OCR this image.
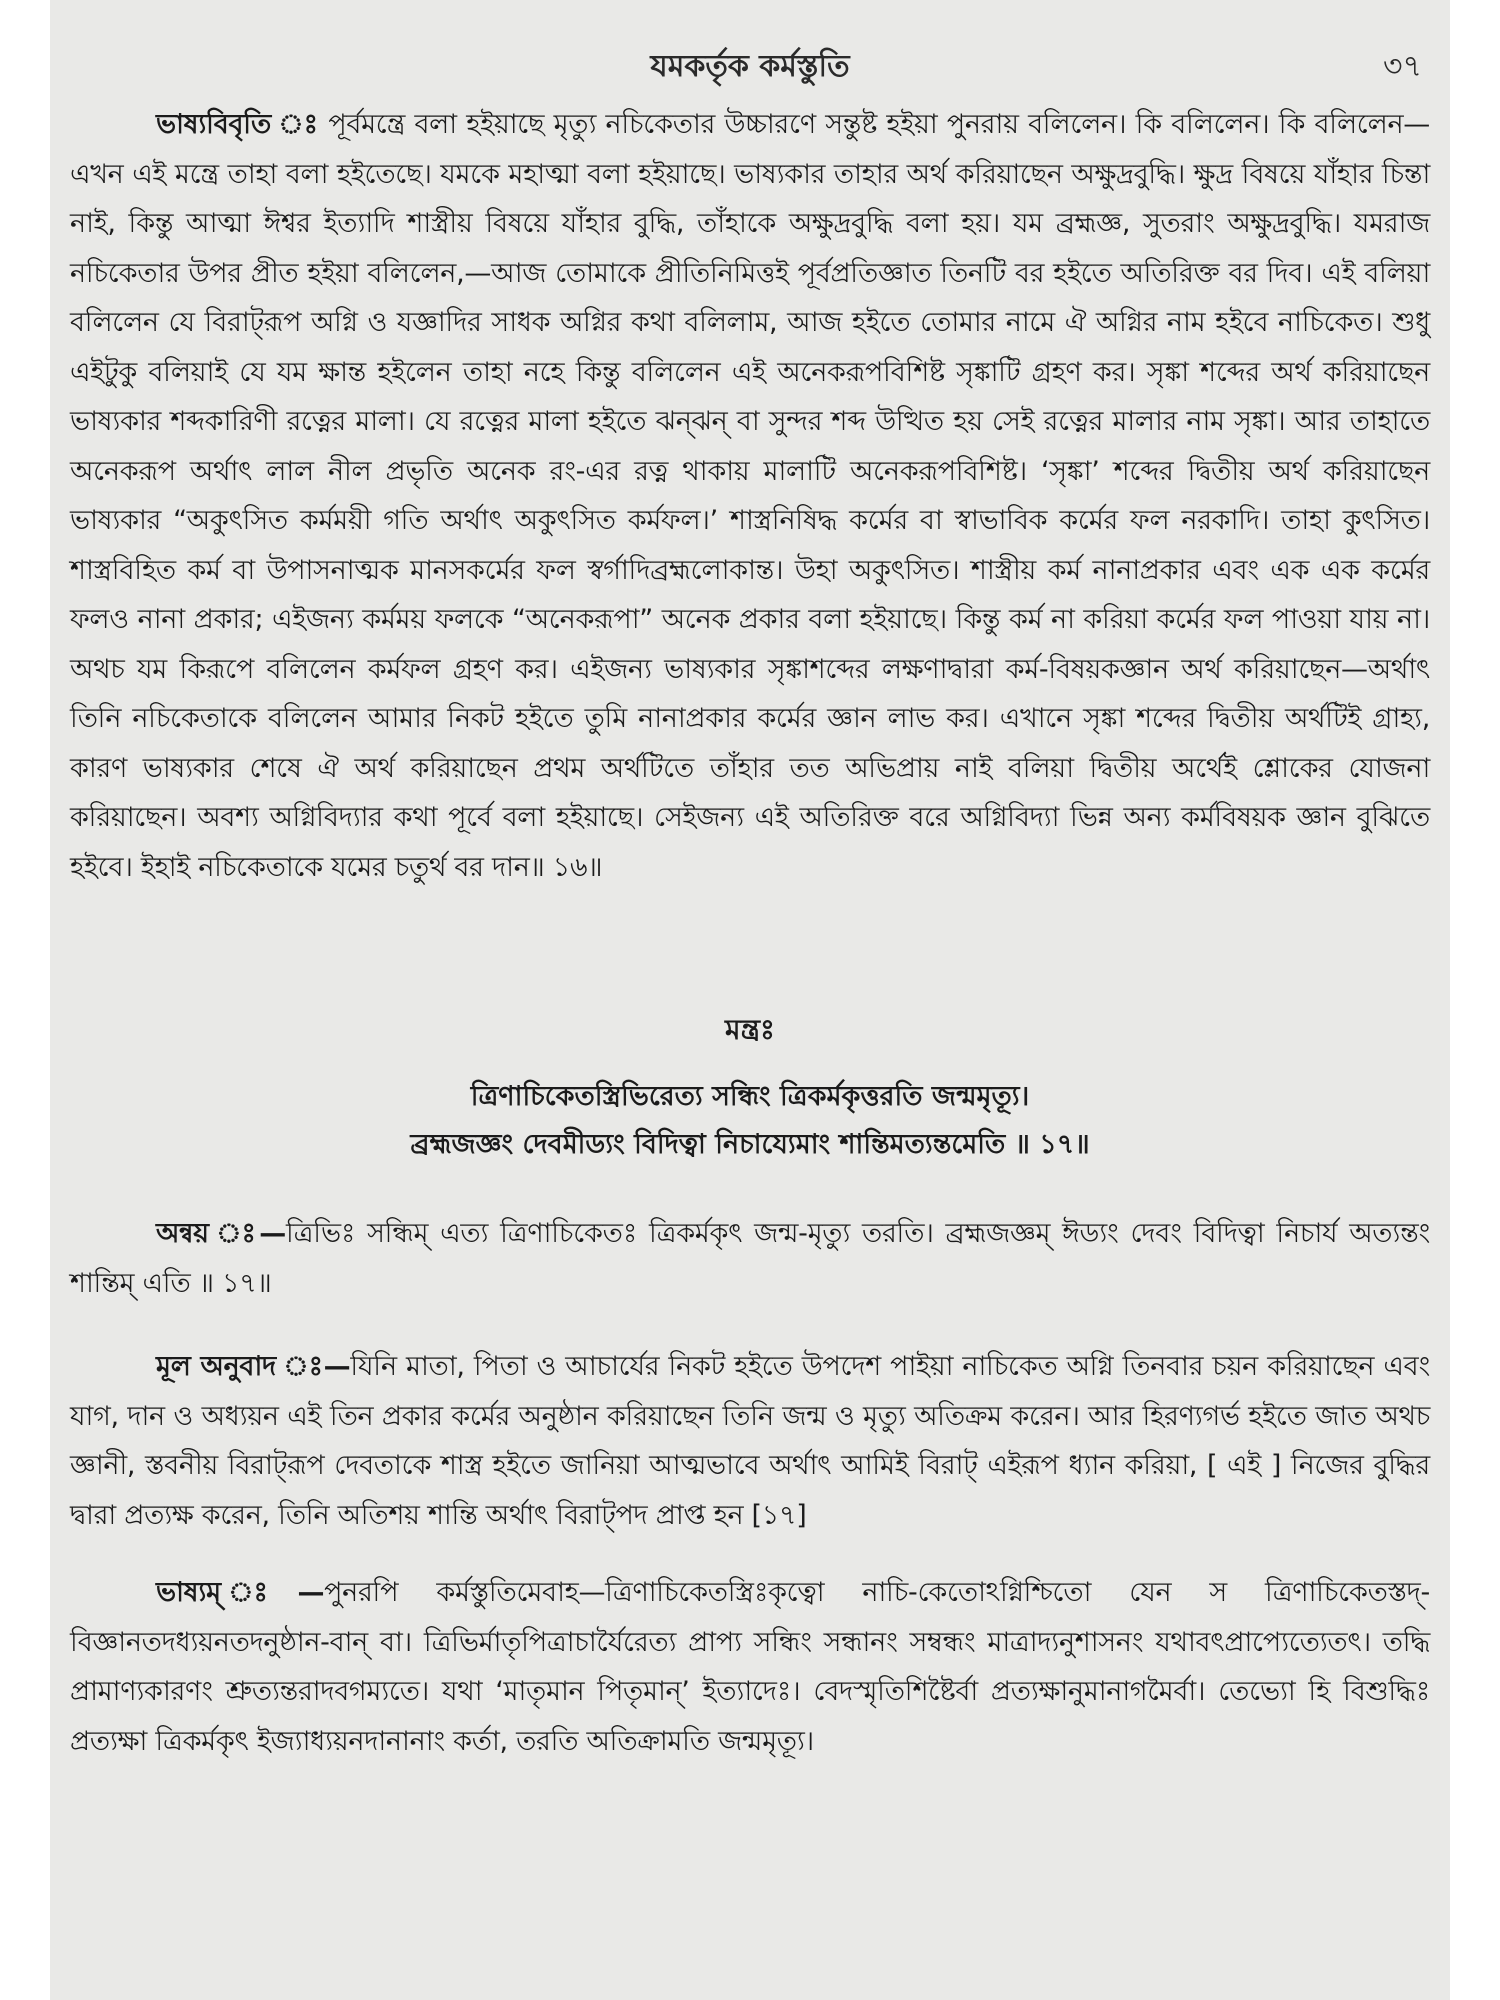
যমকর্তৃক কর্মস্তুতি	৩৭

ভাষ্যবিবৃতি ঃ পূর্বমন্ত্রে বলা হইয়াছে মৃত্যু নচিকেতার উচ্চারণে সন্তুষ্ট হইয়া পুনরায় বলিলেন। কি বলিলেন। কি বলিলেন—এখন এই মন্ত্রে তাহা বলা হইতেছে। যমকে মহাত্মা বলা হইয়াছে। ভাষ্যকার তাহার অর্থ করিয়াছেন অক্ষুদ্রবুদ্ধি। ক্ষুদ্র বিষয়ে যাঁহার চিন্তা নাই, কিন্তু আত্মা ঈশ্বর ইত্যাদি শাস্ত্রীয় বিষয়ে যাঁহার বুদ্ধি, তাঁহাকে অক্ষুদ্রবুদ্ধি বলা হয়। যম ব্রহ্মজ্ঞ, সুতরাং অক্ষুদ্রবুদ্ধি। যমরাজ নচিকেতার উপর প্রীত হইয়া বলিলেন,—আজ তোমাকে প্রীতিনিমিত্তই পূর্বপ্রতিজ্ঞাত তিনটি বর হইতে অতিরিক্ত বর দিব। এই বলিয়া বলিলেন যে বিরাট্‌রূপ অগ্নি ও যজ্ঞাদির সাধক অগ্নির কথা বলিলাম, আজ হইতে তোমার নামে ঐ অগ্নির নাম হইবে নাচিকেত। শুধু এইটুকু বলিয়াই যে যম ক্ষান্ত হইলেন তাহা নহে কিন্তু বলিলেন এই অনেকরূপবিশিষ্ট সৃঙ্কাটি গ্রহণ কর। সৃঙ্কা শব্দের অর্থ করিয়াছেন ভাষ্যকার শব্দকারিণী রত্নের মালা। যে রত্নের মালা হইতে ঝন্‌ঝন্‌ বা সুন্দর শব্দ উত্থিত হয় সেই রত্নের মালার নাম সৃঙ্কা। আর তাহাতে অনেকরূপ অর্থাৎ লাল নীল প্রভৃতি অনেক রং-এর রত্ন থাকায় মালাটি অনেকরূপবিশিষ্ট। ‘সৃঙ্কা’ শব্দের দ্বিতীয় অর্থ করিয়াছেন ভাষ্যকার “অকুৎসিত কর্মময়ী গতি অর্থাৎ অকুৎসিত কর্মফল।’ শাস্ত্রনিষিদ্ধ কর্মের বা স্বাভাবিক কর্মের ফল নরকাদি। তাহা কুৎসিত। শাস্ত্রবিহিত কর্ম বা উপাসনাত্মক মানসকর্মের ফল স্বর্গাদিব্রহ্মলোকান্ত। উহা অকুৎসিত। শাস্ত্রীয় কর্ম নানাপ্রকার এবং এক এক কর্মের ফলও নানা প্রকার; এইজন্য কর্মময় ফলকে “অনেকরূপা” অনেক প্রকার বলা হইয়াছে। কিন্তু কর্ম না করিয়া কর্মের ফল পাওয়া যায় না। অথচ যম কিরূপে বলিলেন কর্মফল গ্রহণ কর। এইজন্য ভাষ্যকার সৃঙ্কাশব্দের লক্ষণাদ্বারা কর্ম-বিষয়কজ্ঞান অর্থ করিয়াছেন—অর্থাৎ তিনি নচিকেতাকে বলিলেন আমার নিকট হইতে তুমি নানাপ্রকার কর্মের জ্ঞান লাভ কর। এখানে সৃঙ্কা শব্দের দ্বিতীয় অর্থটিই গ্রাহ্য, কারণ ভাষ্যকার শেষে ঐ অর্থ করিয়াছেন প্রথম অর্থটিতে তাঁহার তত অভিপ্রায় নাই বলিয়া দ্বিতীয় অর্থেই শ্লোকের যোজনা করিয়াছেন। অবশ্য অগ্নিবিদ্যার কথা পূর্বে বলা হইয়াছে। সেইজন্য এই অতিরিক্ত বরে অগ্নিবিদ্যা ভিন্ন অন্য কর্মবিষয়ক জ্ঞান বুঝিতে হইবে। ইহাই নচিকেতাকে যমের চতুর্থ বর দান॥ ১৬॥

মন্ত্রঃ
ত্রিণাচিকেতস্ত্রিভিরেত্য সন্ধিং ত্রিকর্মকৃত্তরতি জন্মমৃত্যূ।
ব্রহ্মজজ্ঞং দেবমীড্যং বিদিত্বা নিচায্যেমাং শান্তিমত্যন্তমেতি ॥ ১৭॥

অন্বয় ঃ—ত্রিভিঃ সন্ধিম্‌ এত্য ত্রিণাচিকেতঃ ত্রিকর্মকৃৎ জন্ম-মৃত্যু তরতি। ব্রহ্মজজ্ঞম্‌ ঈড্যং দেবং বিদিত্বা নিচার্য অত্যন্তং শান্তিম্‌ এতি ॥ ১৭॥

মূল অনুবাদ ঃ—যিনি মাতা, পিতা ও আচার্যের নিকট হইতে উপদেশ পাইয়া নাচিকেত অগ্নি তিনবার চয়ন করিয়াছেন এবং যাগ, দান ও অধ্যয়ন এই তিন প্রকার কর্মের অনুষ্ঠান করিয়াছেন তিনি জন্ম ও মৃত্যু অতিক্রম করেন। আর হিরণ্যগর্ভ হইতে জাত অথচ জ্ঞানী, স্তবনীয় বিরাট্‌রূপ দেবতাকে শাস্ত্র হইতে জানিয়া আত্মভাবে অর্থাৎ আমিই বিরাট্‌ এইরূপ ধ্যান করিয়া, [ এই ] নিজের বুদ্ধির দ্বারা প্রত্যক্ষ করেন, তিনি অতিশয় শান্তি অর্থাৎ বিরাট্‌পদ প্রাপ্ত হন [১৭]

ভাষ্যম্‌ ঃ—পুনরপি কর্মস্তুতিমেবাহ—ত্রিণাচিকেতস্ত্রিঃকৃত্বো নাচি-কেতোঽগ্নিশ্চিতো যেন স ত্রিণাচিকেতস্তদ্‌-বিজ্ঞানতদধ্যয়নতদনুষ্ঠান-বান্‌ বা। ত্রিভির্মাতৃপিত্রাচার্যৈরেত্য প্রাপ্য সন্ধিং সন্ধানং সম্বন্ধং মাত্রাদ্যনুশাসনং যথাবৎপ্রাপ্যেত্যেতৎ। তদ্ধি প্রামাণ্যকারণং শ্রুত্যন্তরাদবগম্যতে। যথা ‘মাতৃমান পিতৃমান্‌’ ইত্যাদেঃ। বেদস্মৃতিশিষ্টৈর্বা প্রত্যক্ষানুমানাগমৈর্বা। তেভ্যো হি বিশুদ্ধিঃ প্রত্যক্ষা ত্রিকর্মকৃৎ ইজ্যাধ্যয়নদানানাং কর্তা, তরতি অতিক্রামতি জন্মমৃত্যূ।
